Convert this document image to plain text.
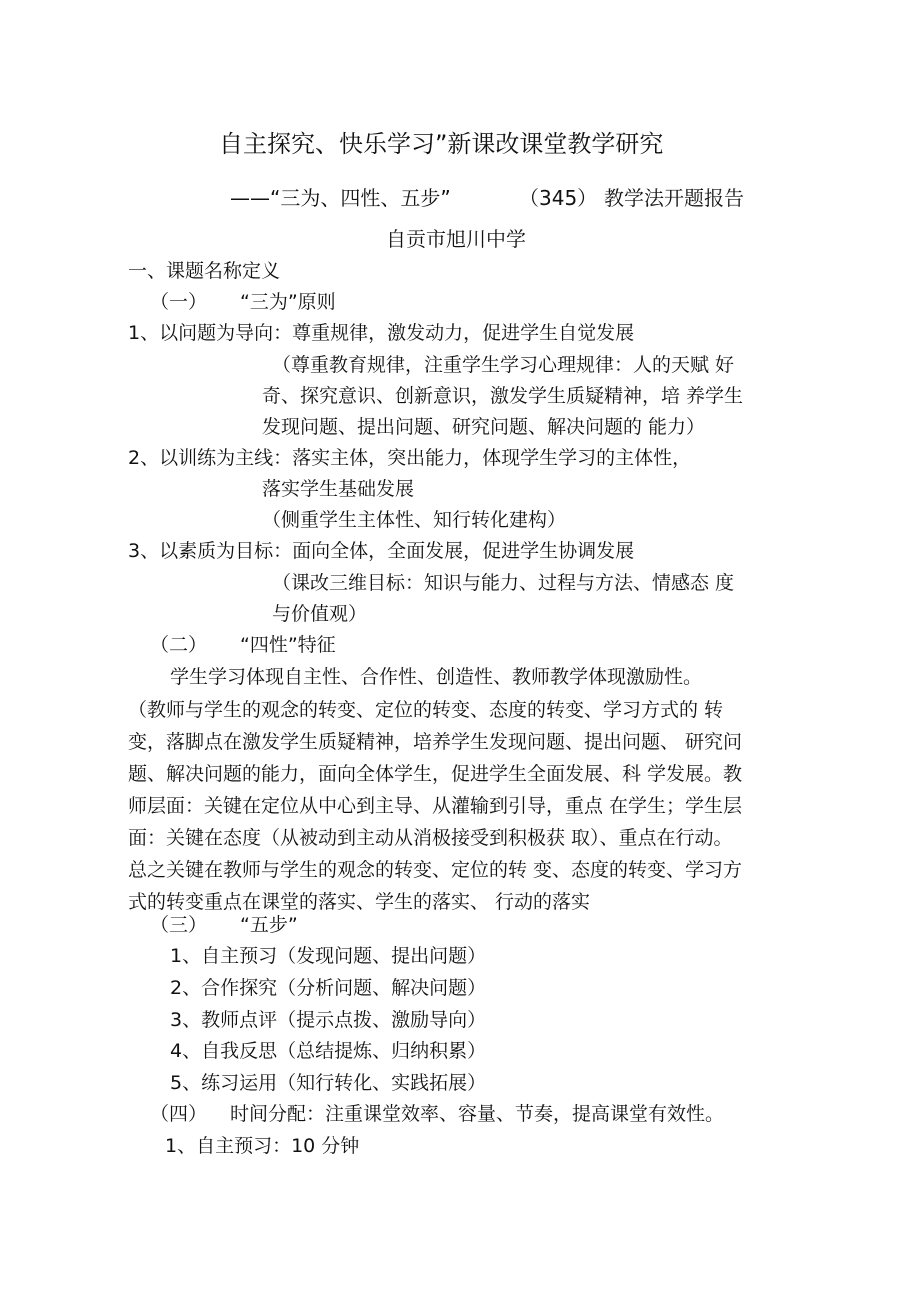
自主探究、快乐学习”新课改课堂教学研究
——“三为、四性、五步”	（345） 教学法开题报告
自贡市旭川中学
一、课题名称定义
（一） “三为”原则
1、以问题为导向：尊重规律，激发动力，促进学生自觉发展
（尊重教育规律，注重学生学习心理规律：人的天赋 好
奇、探究意识、创新意识，激发学生质疑精神，培 养学生
发现问题、提出问题、研究问题、解决问题的 能力）
2、以训练为主线：落实主体，突出能力，体现学生学习的主体性，
落实学生基础发展
（侧重学生主体性、知行转化建构）
3、以素质为目标：面向全体，全面发展，促进学生协调发展
（课改三维目标：知识与能力、过程与方法、情感态 度
与价值观）
（二） “四性”特征
学生学习体现自主性、合作性、创造性、教师教学体现激励性。
（教师与学生的观念的转变、定位的转变、态度的转变、学习方式的 转
变，落脚点在激发学生质疑精神，培养学生发现问题、提出问题、 研究问
题、解决问题的能力，面向全体学生，促进学生全面发展、科 学发展。教
师层面：关键在定位从中心到主导、从灌输到引导，重点 在学生；学生层
面：关键在态度（从被动到主动从消极接受到积极获 取）、重点在行动。
总之关键在教师与学生的观念的转变、定位的转 变、态度的转变、学习方
式的转变重点在课堂的落实、学生的落实、 行动的落实
（三） “五步”
1、自主预习（发现问题、提出问题）
2、合作探究（分析问题、解决问题）
3、教师点评（提示点拨、激励导向）
4、自我反思（总结提炼、归纳积累）
5、练习运用（知行转化、实践拓展）
（四） 时间分配：注重课堂效率、容量、节奏，提高课堂有效性。
1、自主预习：10 分钟
